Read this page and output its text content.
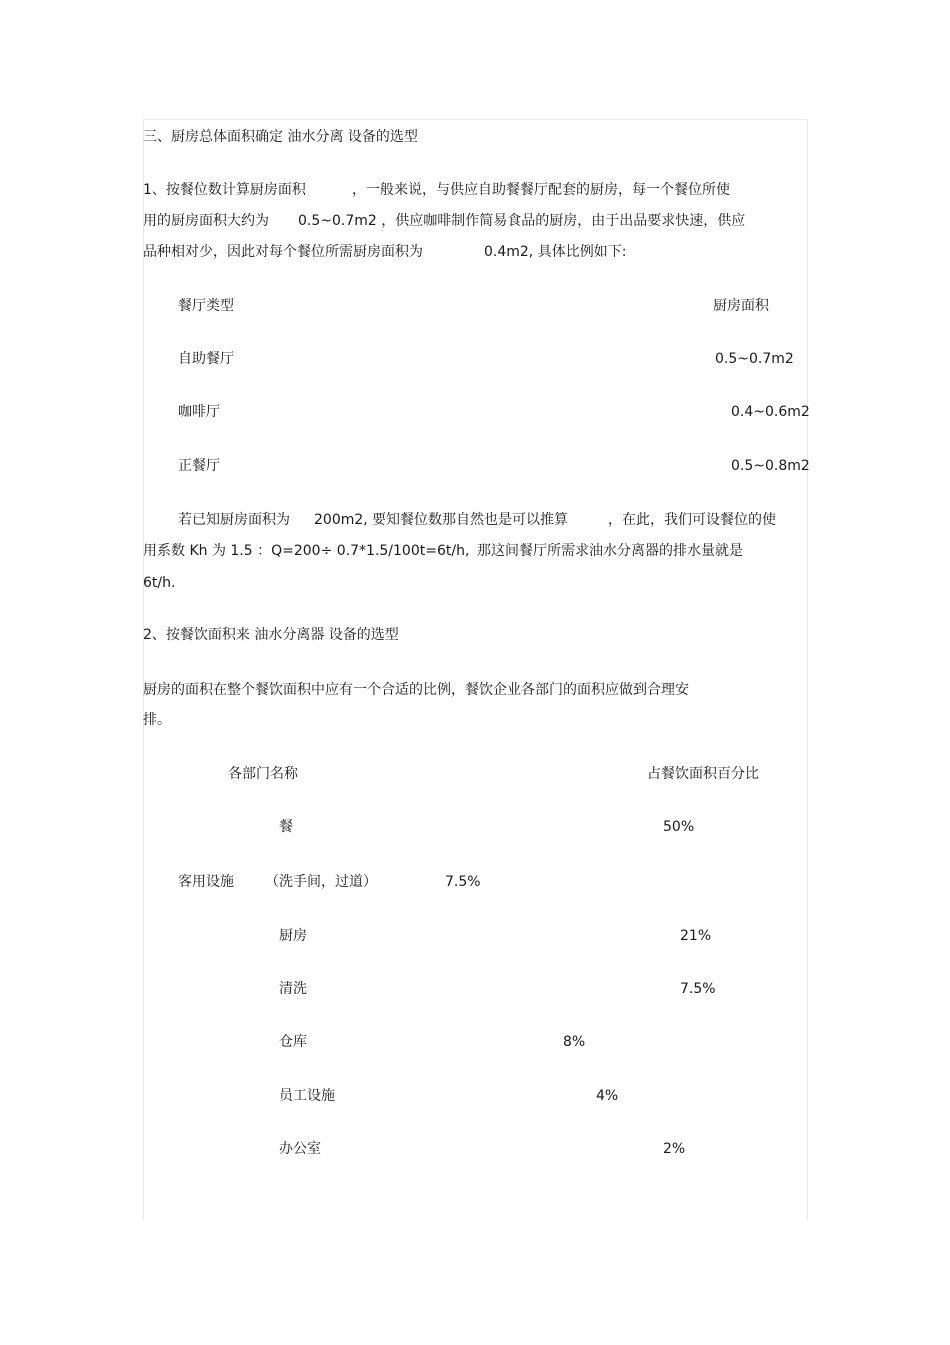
三、厨房总体面积确定 油水分离 设备的选型
1、按餐位数计算厨房面积	，一般来说，与供应自助餐餐厅配套的厨房，每一个餐位所使
用的厨房面积大约为 0.5~0.7m2 ，供应咖啡制作简易食品的厨房，由于出品要求快速，供应
品种相对少，因此对每个餐位所需厨房面积为	0.4m2, 具体比例如下:
餐厅类型	厨房面积
自助餐厅	0.5~0.7m2
咖啡厅	0.4~0.6m2
正餐厅	0.5~0.8m2
若已知厨房面积为 200m2, 要知餐位数那自然也是可以推算	，在此，我们可设餐位的使
用系数 Kh 为 1.5 ：Q=200÷ 0.7*1.5/100t=6t/h, 那这间餐厅所需求油水分离器的排水量就是
6t/h.
2、按餐饮面积来 油水分离器 设备的选型
厨房的面积在整个餐饮面积中应有一个合适的比例，餐饮企业各部门的面积应做到合理安
排。
各部门名称	占餐饮面积百分比
餐	50%
客用设施 （洗手间，过道）	7.5%
厨房	21%
清洗	7.5%
仓库	8%
员工设施	4%
办公室	2%
